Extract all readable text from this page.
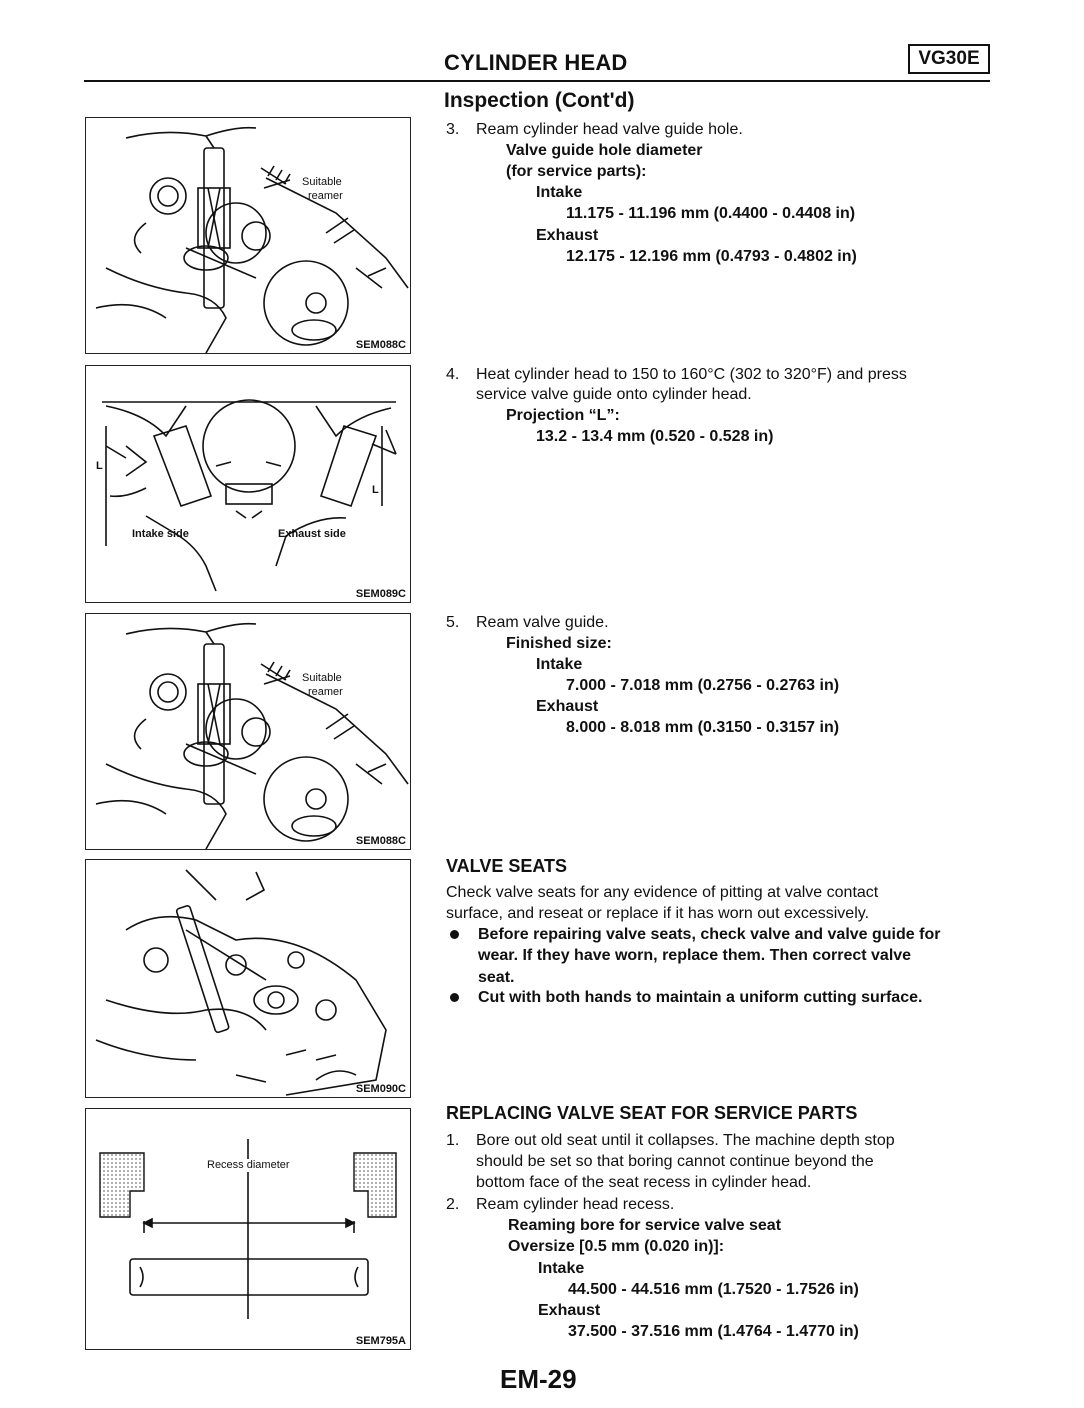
CYLINDER HEAD	VG30E
Inspection (Cont'd)
Suitable
reamer
SEM088C
L
L
Intake side	Exhaust side
SEM089C
Suitable
reamer
SEM088C
SEM090C
Recess diameter
SEM795A
3. Ream cylinder head valve guide hole.
Valve guide hole diameter
(for service parts):
Intake
11.175 - 11.196 mm (0.4400 - 0.4408 in)
Exhaust
12.175 - 12.196 mm (0.4793 - 0.4802 in)
4. Heat cylinder head to 150 to 160°C (302 to 320°F) and press
service valve guide onto cylinder head.
Projection “L”:
13.2 - 13.4 mm (0.520 - 0.528 in)
5. Ream valve guide.
Finished size:
Intake
7.000 - 7.018 mm (0.2756 - 0.2763 in)
Exhaust
8.000 - 8.018 mm (0.3150 - 0.3157 in)
VALVE SEATS
Check valve seats for any evidence of pitting at valve contact
surface, and reseat or replace if it has worn out excessively.
Before repairing valve seats, check valve and valve guide for
wear. If they have worn, replace them. Then correct valve
seat.
Cut with both hands to maintain a uniform cutting surface.
REPLACING VALVE SEAT FOR SERVICE PARTS
1. Bore out old seat until it collapses. The machine depth stop
should be set so that boring cannot continue beyond the
bottom face of the seat recess in cylinder head.
2. Ream cylinder head recess.
Reaming bore for service valve seat
Oversize [0.5 mm (0.020 in)]:
Intake
44.500 - 44.516 mm (1.7520 - 1.7526 in)
Exhaust
37.500 - 37.516 mm (1.4764 - 1.4770 in)
EM-29
